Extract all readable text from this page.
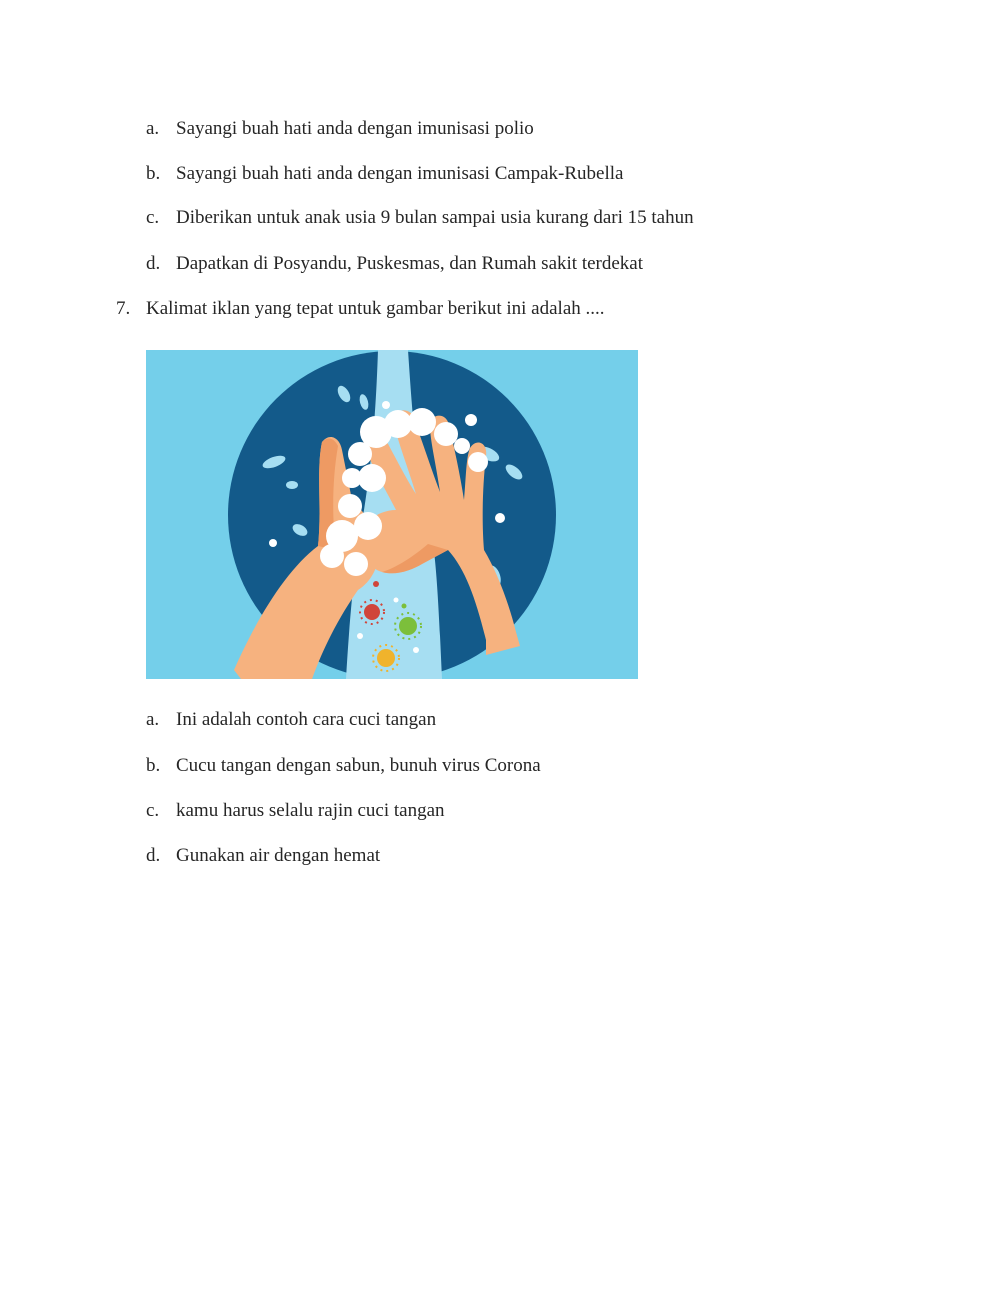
a. Sayangi buah hati anda dengan imunisasi polio
b. Sayangi buah hati anda dengan imunisasi Campak-Rubella
c. Diberikan untuk anak usia 9 bulan sampai usia kurang dari 15 tahun
d. Dapatkan di Posyandu, Puskesmas, dan Rumah sakit terdekat
7. Kalimat iklan yang tepat untuk gambar berikut ini adalah ....
a. Ini adalah contoh cara cuci tangan
b. Cucu tangan dengan sabun, bunuh virus Corona
c. kamu harus selalu rajin cuci tangan
d. Gunakan air dengan hemat
